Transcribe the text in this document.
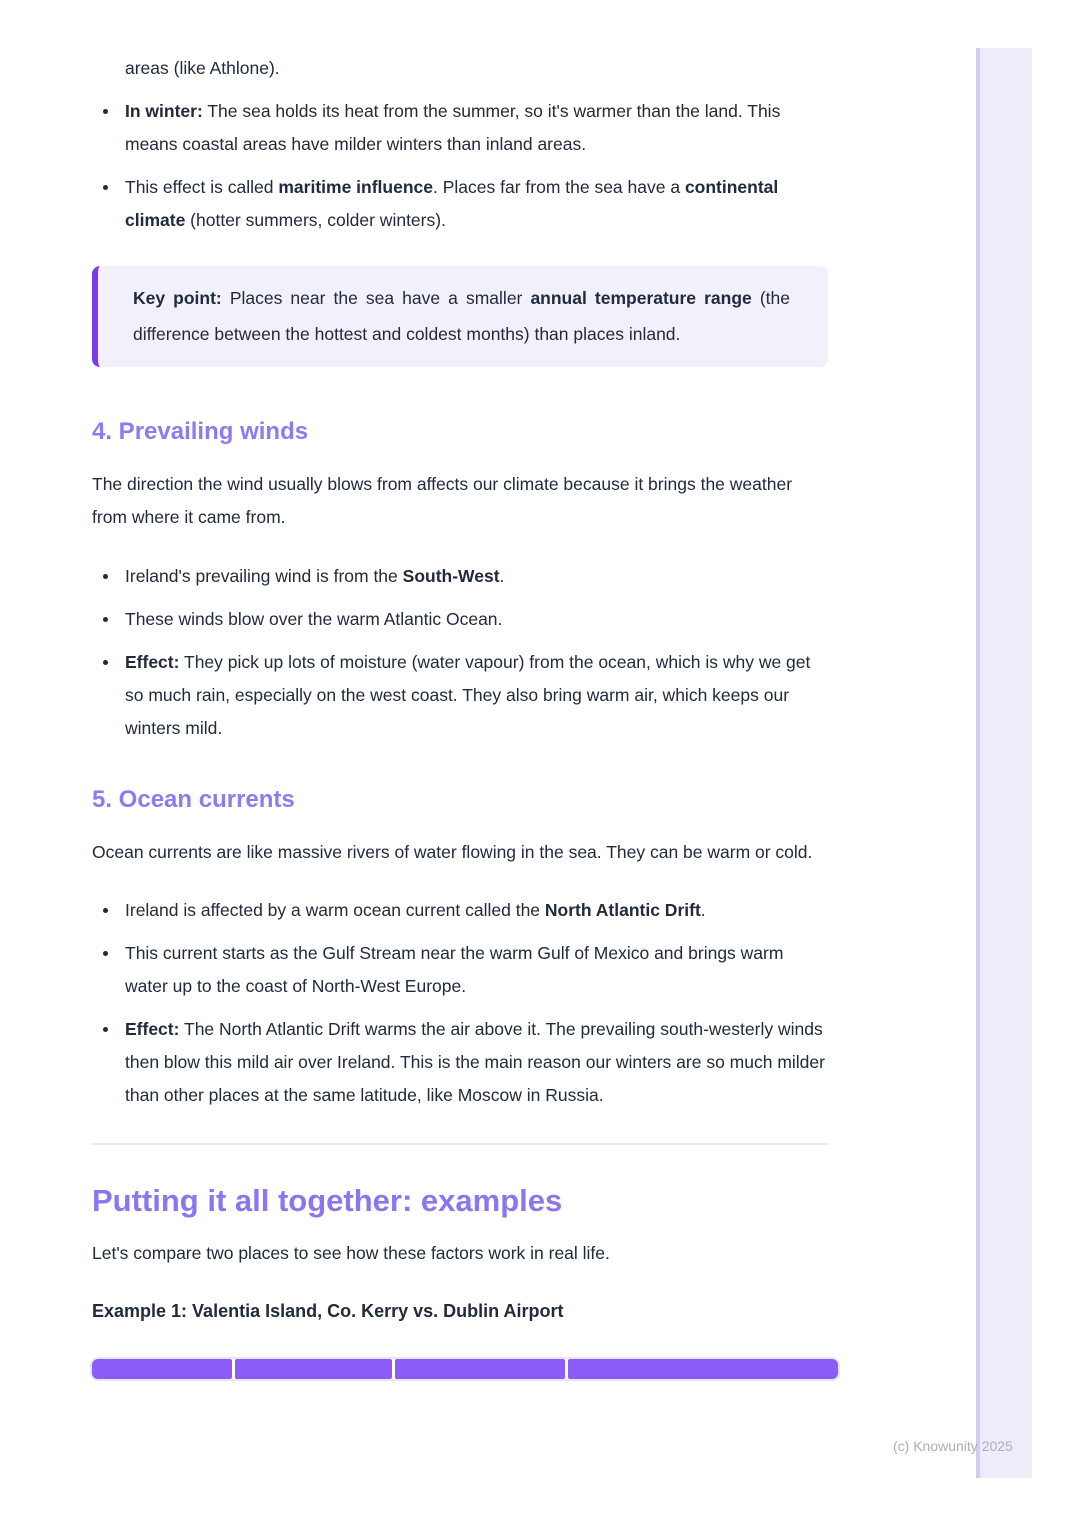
(c) Knowunity 2025
areas (like Athlone).
In winter: The sea holds its heat from the summer, so it's warmer than the land. This means coastal areas have milder winters than inland areas.
This effect is called maritime influence. Places far from the sea have a continental climate (hotter summers, colder winters).
Key point: Places near the sea have a smaller annual temperature range (the difference between the hottest and coldest months) than places inland.
4. Prevailing winds
The direction the wind usually blows from affects our climate because it brings the weather from where it came from.
Ireland's prevailing wind is from the South-West.
These winds blow over the warm Atlantic Ocean.
Effect: They pick up lots of moisture (water vapour) from the ocean, which is why we get so much rain, especially on the west coast. They also bring warm air, which keeps our winters mild.
5. Ocean currents
Ocean currents are like massive rivers of water flowing in the sea. They can be warm or cold.
Ireland is affected by a warm ocean current called the North Atlantic Drift.
This current starts as the Gulf Stream near the warm Gulf of Mexico and brings warm water up to the coast of North-West Europe.
Effect: The North Atlantic Drift warms the air above it. The prevailing south-westerly winds then blow this mild air over Ireland. This is the main reason our winters are so much milder than other places at the same latitude, like Moscow in Russia.
Putting it all together: examples
Let's compare two places to see how these factors work in real life.
Example 1: Valentia Island, Co. Kerry vs. Dublin Airport
